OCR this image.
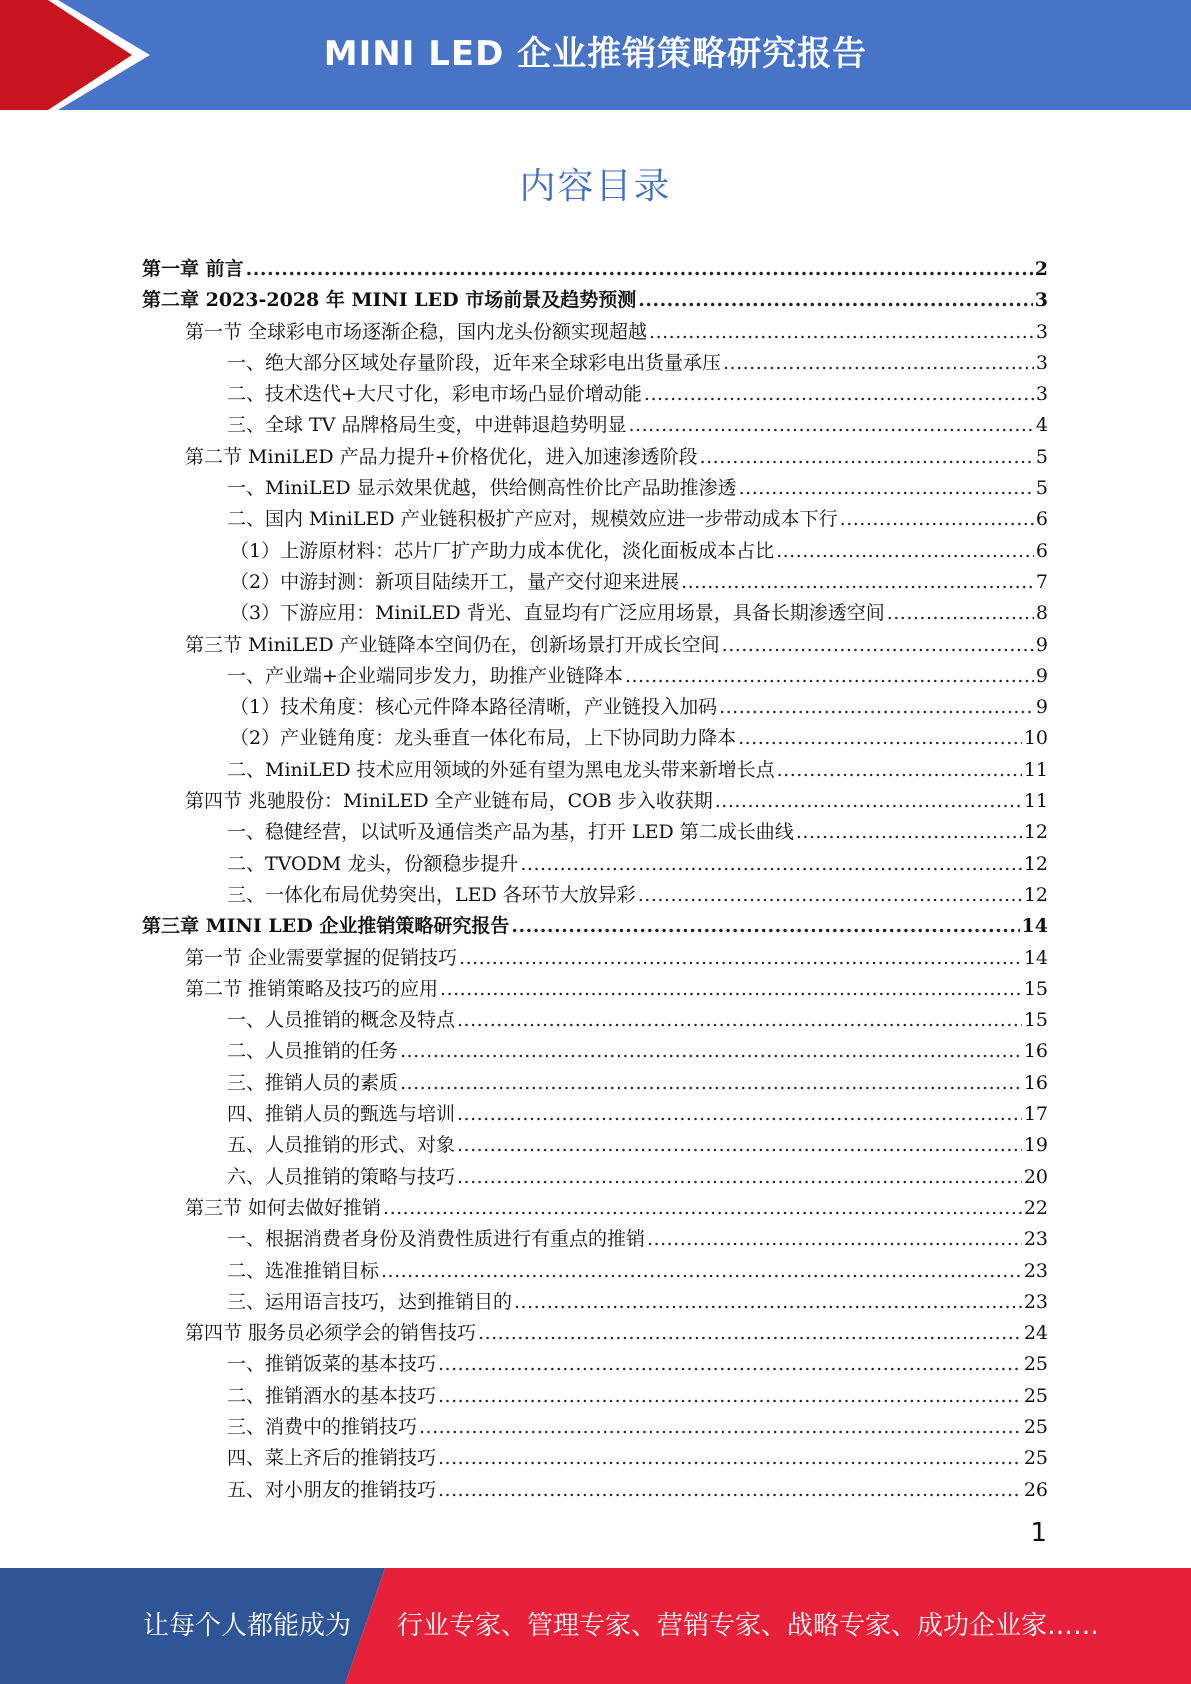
MINI LED 企业推销策略研究报告
内容目录
第一章 前言 .....	2
第二章 2023-2028 年 MINI LED 市场前景及趋势预测 .....	3
第一节 全球彩电市场逐渐企稳，国内龙头份额实现超越 .....	3
一、绝大部分区域处存量阶段，近年来全球彩电出货量承压 .....	3
二、技术迭代+大尺寸化，彩电市场凸显价增动能 .....	3
三、全球 TV 品牌格局生变，中进韩退趋势明显 .....	4
第二节 MiniLED 产品力提升+价格优化，进入加速渗透阶段 .....	5
一、MiniLED 显示效果优越，供给侧高性价比产品助推渗透 .....	5
二、国内 MiniLED 产业链积极扩产应对，规模效应进一步带动成本下行 .....	6
（1）上游原材料：芯片厂扩产助力成本优化，淡化面板成本占比 .....	6
（2）中游封测：新项目陆续开工，量产交付迎来进展 .....	7
（3）下游应用：MiniLED 背光、直显均有广泛应用场景，具备长期渗透空间 .....	8
第三节 MiniLED 产业链降本空间仍在，创新场景打开成长空间 .....	9
一、产业端+企业端同步发力，助推产业链降本 .....	9
（1）技术角度：核心元件降本路径清晰，产业链投入加码 .....	9
（2）产业链角度：龙头垂直一体化布局，上下协同助力降本 .....	10
二、MiniLED 技术应用领域的外延有望为黑电龙头带来新增长点 .....	11
第四节 兆驰股份：MiniLED 全产业链布局，COB 步入收获期 .....	11
一、稳健经营，以试听及通信类产品为基，打开 LED 第二成长曲线 .....	12
二、TVODM 龙头，份额稳步提升 .....	12
三、一体化布局优势突出，LED 各环节大放异彩 .....	12
第三章 MINI LED 企业推销策略研究报告 .....	14
第一节 企业需要掌握的促销技巧 .....	14
第二节 推销策略及技巧的应用 .....	15
一、人员推销的概念及特点 .....	15
二、人员推销的任务 .....	16
三、推销人员的素质 .....	16
四、推销人员的甄选与培训 .....	17
五、人员推销的形式、对象 .....	19
六、人员推销的策略与技巧 .....	20
第三节 如何去做好推销 .....	22
一、根据消费者身份及消费性质进行有重点的推销 .....	23
二、选准推销目标 .....	23
三、运用语言技巧，达到推销目的 .....	23
第四节 服务员必须学会的销售技巧 .....	24
一、推销饭菜的基本技巧 .....	25
二、推销酒水的基本技巧 .....	25
三、消费中的推销技巧 .....	25
四、菜上齐后的推销技巧 .....	25
五、对小朋友的推销技巧 .....	26
1
让每个人都能成为 行业专家、管理专家、营销专家、战略专家、成功企业家……
